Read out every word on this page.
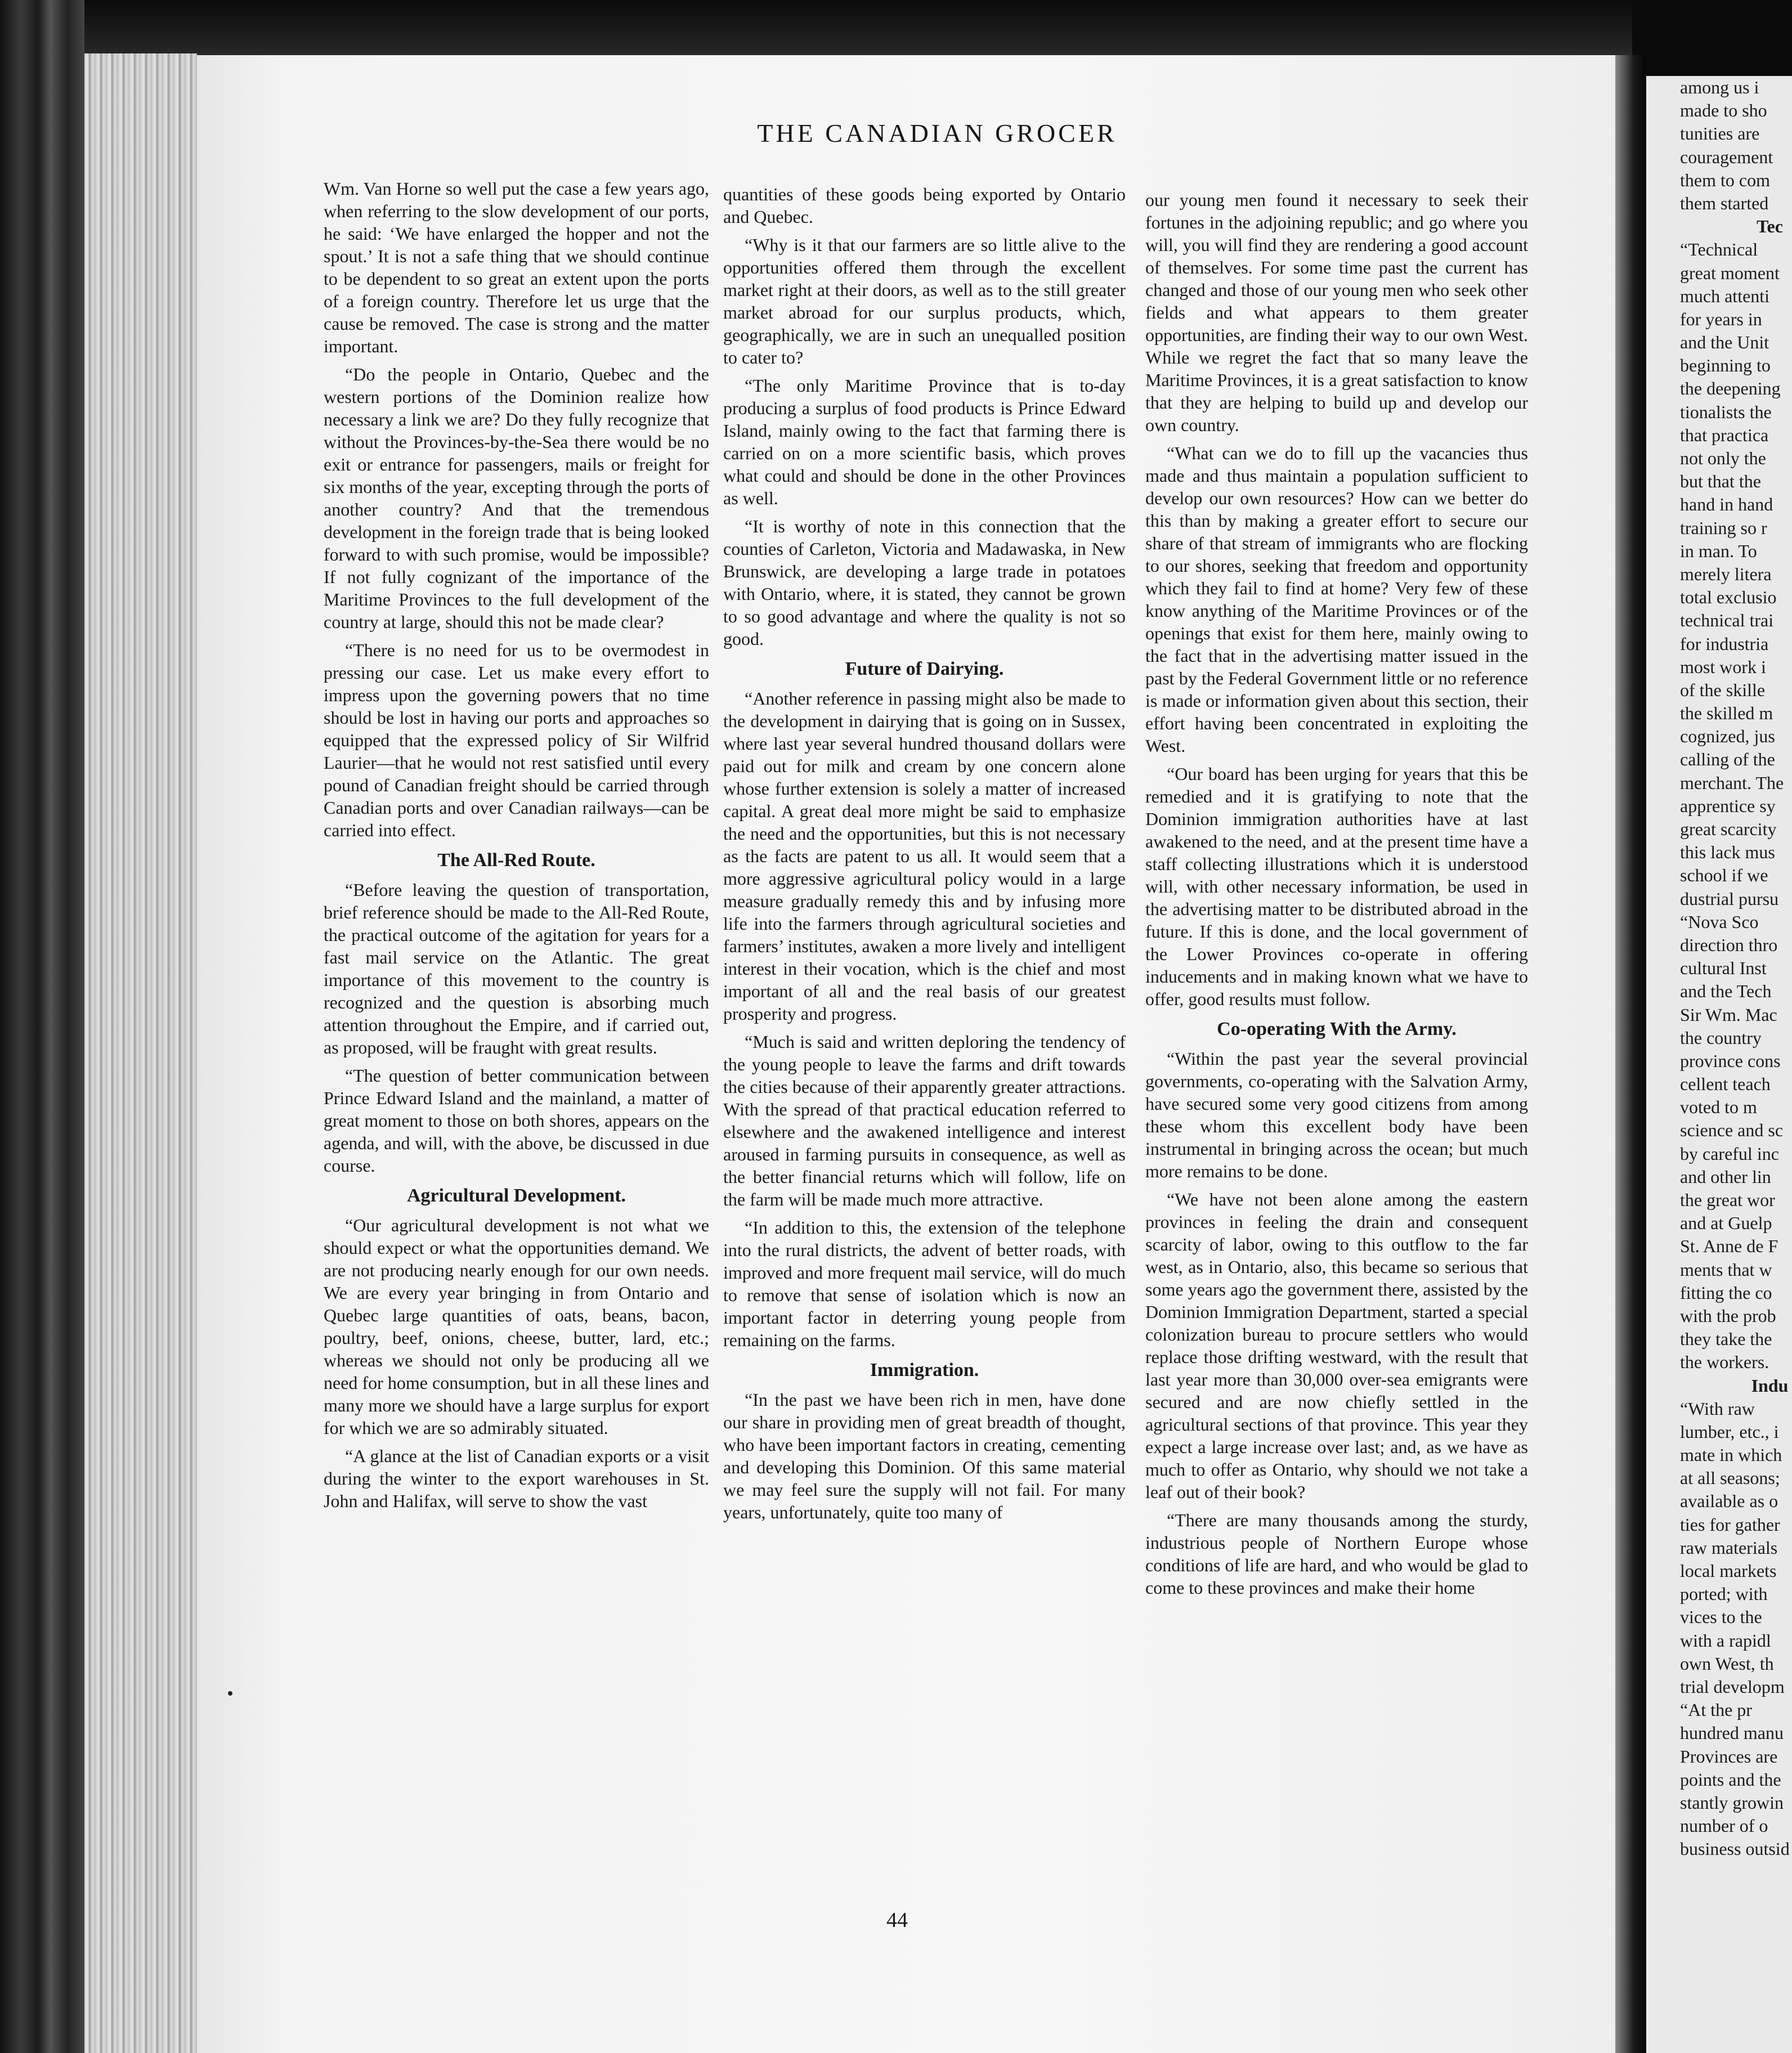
among us i
made to sho
tunities are
couragement
them to com
them started
Tec
“Technical
great moment
much attenti
for years in
and the Unit
beginning to
the deepening
tionalists the
that practica
not only the
but that the
hand in hand
training so r
in man. To
merely litera
total exclusio
technical trai
for industria
most work i
of the skille
the skilled m
cognized, jus
calling of the
merchant. The
apprentice sy
great scarcity
this lack mus
school if we
dustrial pursu
“Nova Sco
direction thro
cultural Inst
and the Tech
Sir Wm. Mac
the country
province cons
cellent teach
voted to m
science and sc
by careful inc
and other lin
the great wor
and at Guelp
St. Anne de F
ments that w
fitting the co
with the prob
they take the
the workers.
Indu
“With raw
lumber, etc., i
mate in which
at all seasons;
available as o
ties for gather
raw materials
local markets
ported; with
vices to the
with a rapidl
own West, th
trial developm
“At the pr
hundred manu
Provinces are
points and the
stantly growin
number of o
business outsid
THE CANADIAN GROCER

Wm. Van Horne so well put the case a few years ago, when referring to the slow development of our ports, he said: ‘We have enlarged the hopper and not the spout.’ It is not a safe thing that we should continue to be dependent to so great an extent upon the ports of a foreign country. Therefore let us urge that the cause be removed. The case is strong and the matter important.

“Do the people in Ontario, Quebec and the western portions of the Dominion realize how necessary a link we are? Do they fully recognize that without the Provinces-by-the-Sea there would be no exit or entrance for passengers, mails or freight for six months of the year, excepting through the ports of another country? And that the tremendous development in the foreign trade that is being looked forward to with such promise, would be impossible? If not fully cognizant of the importance of the Maritime Provinces to the full development of the country at large, should this not be made clear?

“There is no need for us to be overmodest in pressing our case. Let us make every effort to impress upon the governing powers that no time should be lost in having our ports and approaches so equipped that the expressed policy of Sir Wilfrid Laurier—that he would not rest satisfied until every pound of Canadian freight should be carried through Canadian ports and over Canadian railways—can be carried into effect.

The All-Red Route.

“Before leaving the question of transportation, brief reference should be made to the All-Red Route, the practical outcome of the agitation for years for a fast mail service on the Atlantic. The great importance of this movement to the country is recognized and the question is absorbing much attention throughout the Empire, and if carried out, as proposed, will be fraught with great results.

“The question of better communication between Prince Edward Island and the mainland, a matter of great moment to those on both shores, appears on the agenda, and will, with the above, be discussed in due course.

Agricultural Development.

“Our agricultural development is not what we should expect or what the opportunities demand. We are not producing nearly enough for our own needs. We are every year bringing in from Ontario and Quebec large quantities of oats, beans, bacon, poultry, beef, onions, cheese, butter, lard, etc.; whereas we should not only be producing all we need for home consumption, but in all these lines and many more we should have a large surplus for export for which we are so admirably situated.

“A glance at the list of Canadian exports or a visit during the winter to the export warehouses in St. John and Halifax, will serve to show the vast

quantities of these goods being exported by Ontario and Quebec.

“Why is it that our farmers are so little alive to the opportunities offered them through the excellent market right at their doors, as well as to the still greater market abroad for our surplus products, which, geographically, we are in such an unequalled position to cater to?

“The only Maritime Province that is to-day producing a surplus of food products is Prince Edward Island, mainly owing to the fact that farming there is carried on on a more scientific basis, which proves what could and should be done in the other Provinces as well.

“It is worthy of note in this connection that the counties of Carleton, Victoria and Madawaska, in New Brunswick, are developing a large trade in potatoes with Ontario, where, it is stated, they cannot be grown to so good advantage and where the quality is not so good.

Future of Dairying.

“Another reference in passing might also be made to the development in dairying that is going on in Sussex, where last year several hundred thousand dollars were paid out for milk and cream by one concern alone whose further extension is solely a matter of increased capital. A great deal more might be said to emphasize the need and the opportunities, but this is not necessary as the facts are patent to us all. It would seem that a more aggressive agricultural policy would in a large measure gradually remedy this and by infusing more life into the farmers through agricultural societies and farmers’ institutes, awaken a more lively and intelligent interest in their vocation, which is the chief and most important of all and the real basis of our greatest prosperity and progress.

“Much is said and written deploring the tendency of the young people to leave the farms and drift towards the cities because of their apparently greater attractions. With the spread of that practical education referred to elsewhere and the awakened intelligence and interest aroused in farming pursuits in consequence, as well as the better financial returns which will follow, life on the farm will be made much more attractive.

“In addition to this, the extension of the telephone into the rural districts, the advent of better roads, with improved and more frequent mail service, will do much to remove that sense of isolation which is now an important factor in deterring young people from remaining on the farms.

Immigration.

“In the past we have been rich in men, have done our share in providing men of great breadth of thought, who have been important factors in creating, cementing and developing this Dominion. Of this same material we may feel sure the supply will not fail. For many years, unfortunately, quite too many of

our young men found it necessary to seek their fortunes in the adjoining republic; and go where you will, you will find they are rendering a good account of themselves. For some time past the current has changed and those of our young men who seek other fields and what appears to them greater opportunities, are finding their way to our own West. While we regret the fact that so many leave the Maritime Provinces, it is a great satisfaction to know that they are helping to build up and develop our own country.

“What can we do to fill up the vacancies thus made and thus maintain a population sufficient to develop our own resources? How can we better do this than by making a greater effort to secure our share of that stream of immigrants who are flocking to our shores, seeking that freedom and opportunity which they fail to find at home? Very few of these know anything of the Maritime Provinces or of the openings that exist for them here, mainly owing to the fact that in the advertising matter issued in the past by the Federal Government little or no reference is made or information given about this section, their effort having been concentrated in exploiting the West.

“Our board has been urging for years that this be remedied and it is gratifying to note that the Dominion immigration authorities have at last awakened to the need, and at the present time have a staff collecting illustrations which it is understood will, with other necessary information, be used in the advertising matter to be distributed abroad in the future. If this is done, and the local government of the Lower Provinces co-operate in offering inducements and in making known what we have to offer, good results must follow.

Co-operating With the Army.

“Within the past year the several provincial governments, co-operating with the Salvation Army, have secured some very good citizens from among these whom this excellent body have been instrumental in bringing across the ocean; but much more remains to be done.

“We have not been alone among the eastern provinces in feeling the drain and consequent scarcity of labor, owing to this outflow to the far west, as in Ontario, also, this became so serious that some years ago the government there, assisted by the Dominion Immigration Department, started a special colonization bureau to procure settlers who would replace those drifting westward, with the result that last year more than 30,000 over-sea emigrants were secured and are now chiefly settled in the agricultural sections of that province. This year they expect a large increase over last; and, as we have as much to offer as Ontario, why should we not take a leaf out of their book?

“There are many thousands among the sturdy, industrious people of Northern Europe whose conditions of life are hard, and who would be glad to come to these provinces and make their home

44
